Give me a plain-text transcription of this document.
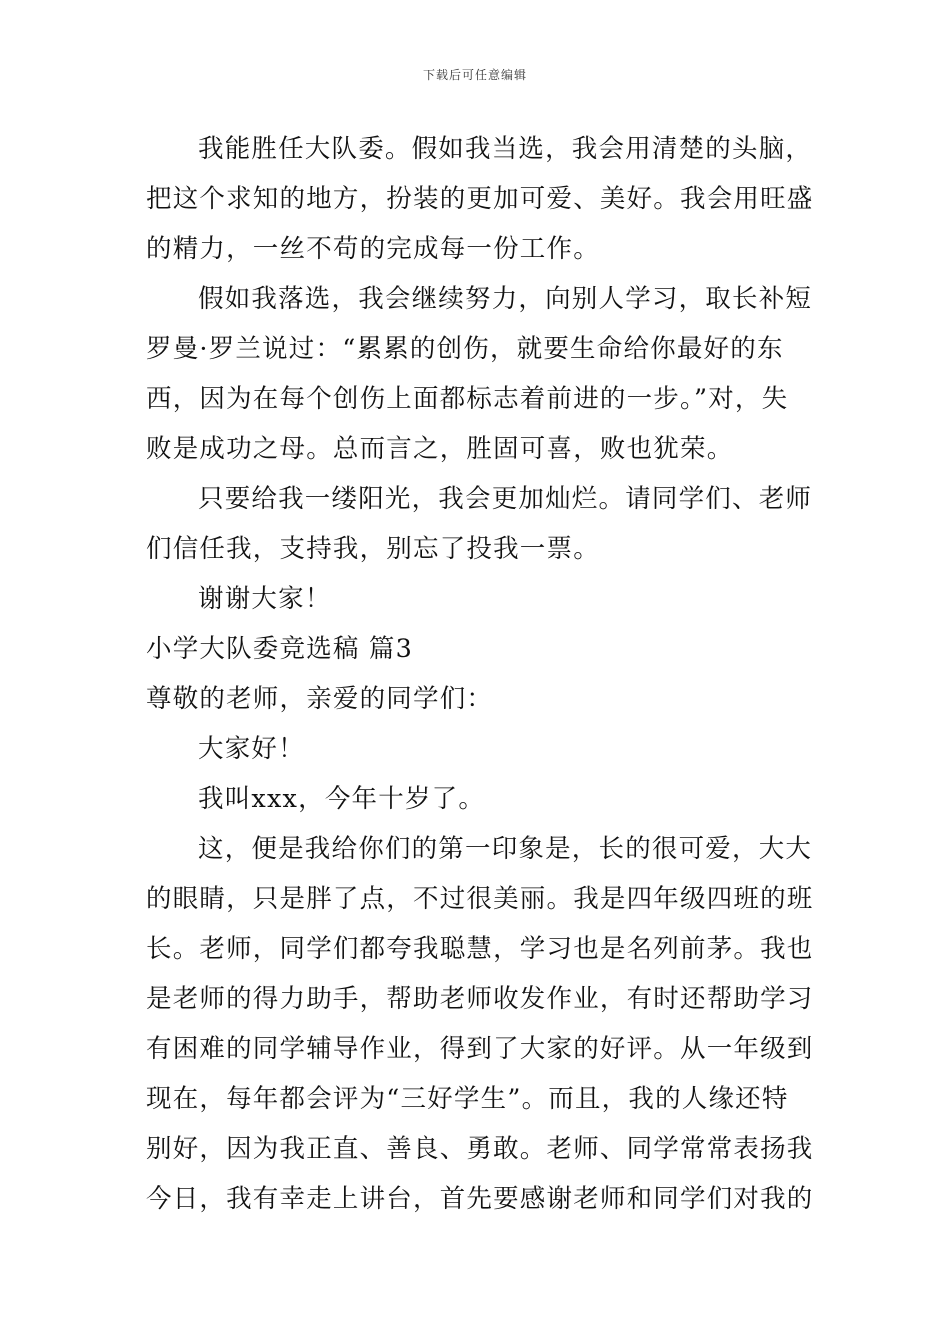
下载后可任意编辑
我能胜任大队委。假如我当选，我会用清楚的头脑，
把这个求知的地方，扮装的更加可爱、美好。我会用旺盛
的精力，一丝不苟的完成每一份工作。
假如我落选，我会继续努力，向别人学习，取长补短
罗曼·罗兰说过：“累累的创伤，就要生命给你最好的东
西，因为在每个创伤上面都标志着前进的一步。”对，失
败是成功之母。总而言之，胜固可喜，败也犹荣。
只要给我一缕阳光，我会更加灿烂。请同学们、老师
们信任我，支持我，别忘了投我一票。
谢谢大家！
小学大队委竞选稿 篇3
尊敬的老师，亲爱的同学们：
大家好！
我叫xxx，今年十岁了。
这，便是我给你们的第一印象是，长的很可爱，大大
的眼睛，只是胖了点，不过很美丽。我是四年级四班的班
长。老师，同学们都夸我聪慧，学习也是名列前茅。我也
是老师的得力助手，帮助老师收发作业，有时还帮助学习
有困难的同学辅导作业，得到了大家的好评。从一年级到
现在，每年都会评为“三好学生”。而且，我的人缘还特
别好，因为我正直、善良、勇敢。老师、同学常常表扬我
今日，我有幸走上讲台，首先要感谢老师和同学们对我的
